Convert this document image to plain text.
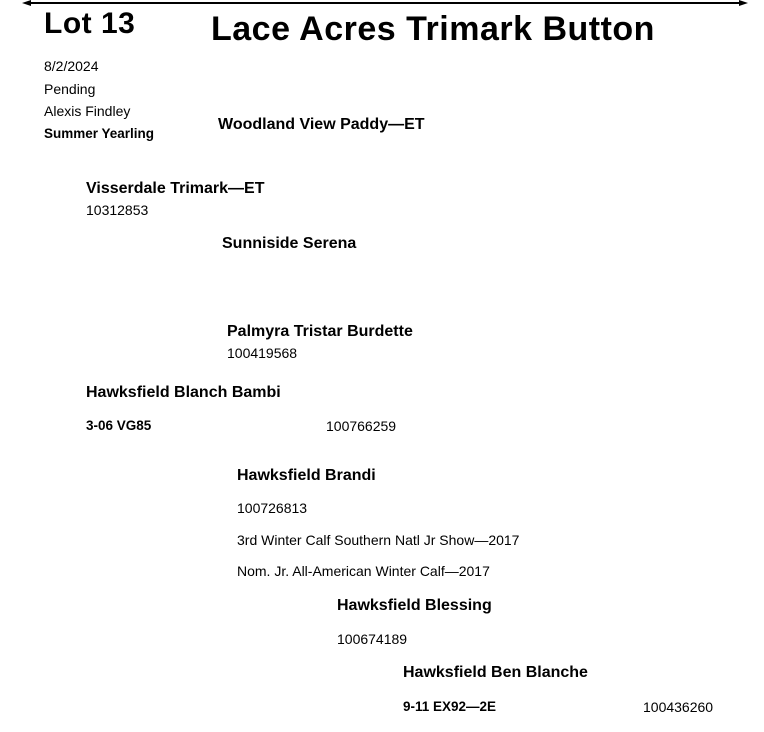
Lot 13 Lace Acres Trimark Button
8/2/2024
Pending
Alexis Findley
Summer Yearling
Woodland View Paddy—ET
Visserdale Trimark—ET
10312853
Sunniside Serena
Palmyra Tristar Burdette
100419568
Hawksfield Blanch Bambi
3-06 VG85	100766259
Hawksfield Brandi
100726813
3rd Winter Calf Southern Natl Jr Show—2017
Nom. Jr. All-American Winter Calf—2017
Hawksfield Blessing
100674189
Hawksfield Ben Blanche
9-11 EX92—2E	100436260
